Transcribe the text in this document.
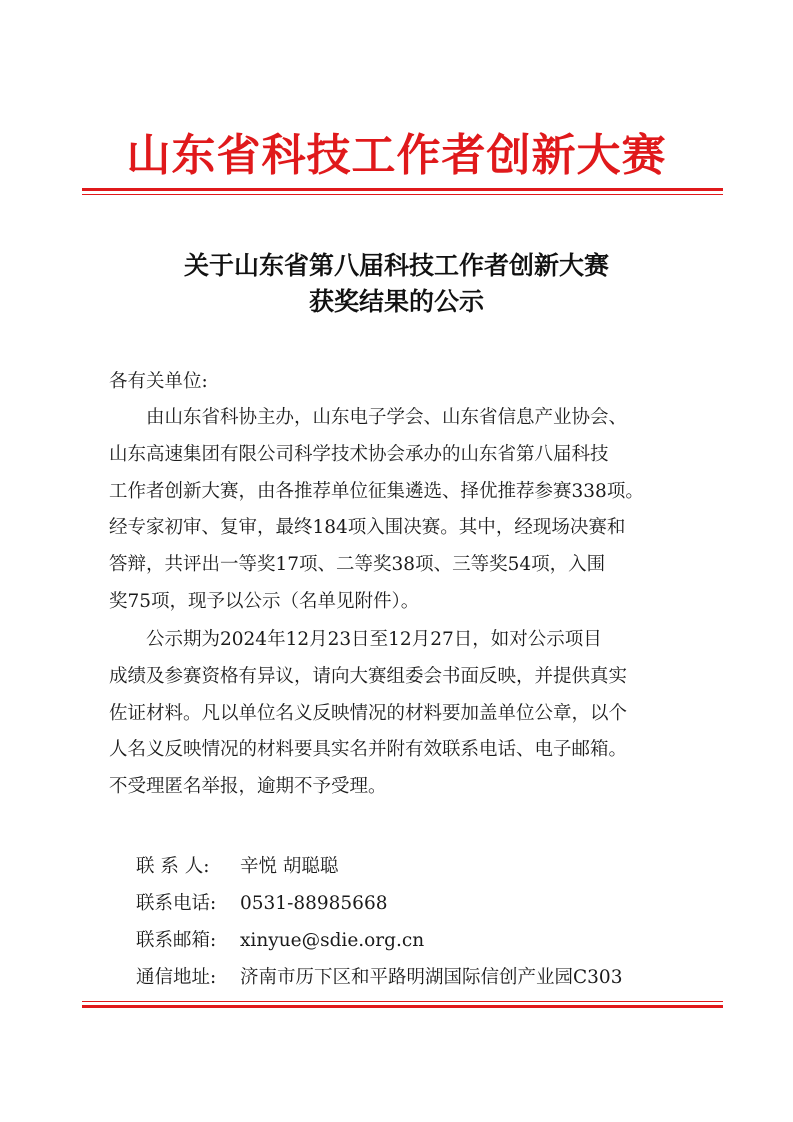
山东省科技工作者创新大赛
关于山东省第八届科技工作者创新大赛
获奖结果的公示
各有关单位:
由山东省科协主办，山东电子学会、山东省信息产业协会、
山东高速集团有限公司科学技术协会承办的山东省第八届科技
工作者创新大赛，由各推荐单位征集遴选、择优推荐参赛338项。
经专家初审、复审，最终184项入围决赛。其中，经现场决赛和
答辩，共评出一等奖17项、二等奖38项、三等奖54项，入围
奖75项，现予以公示（名单见附件）。
公示期为2024年12月23日至12月27日，如对公示项目
成绩及参赛资格有异议，请向大赛组委会书面反映，并提供真实
佐证材料。凡以单位名义反映情况的材料要加盖单位公章，以个
人名义反映情况的材料要具实名并附有效联系电话、电子邮箱。
不受理匿名举报，逾期不予受理。
联 系 人: 辛悦 胡聪聪
联系电话: 0531-88985668
联系邮箱: xinyue@sdie.org.cn
通信地址: 济南市历下区和平路明湖国际信创产业园C303
